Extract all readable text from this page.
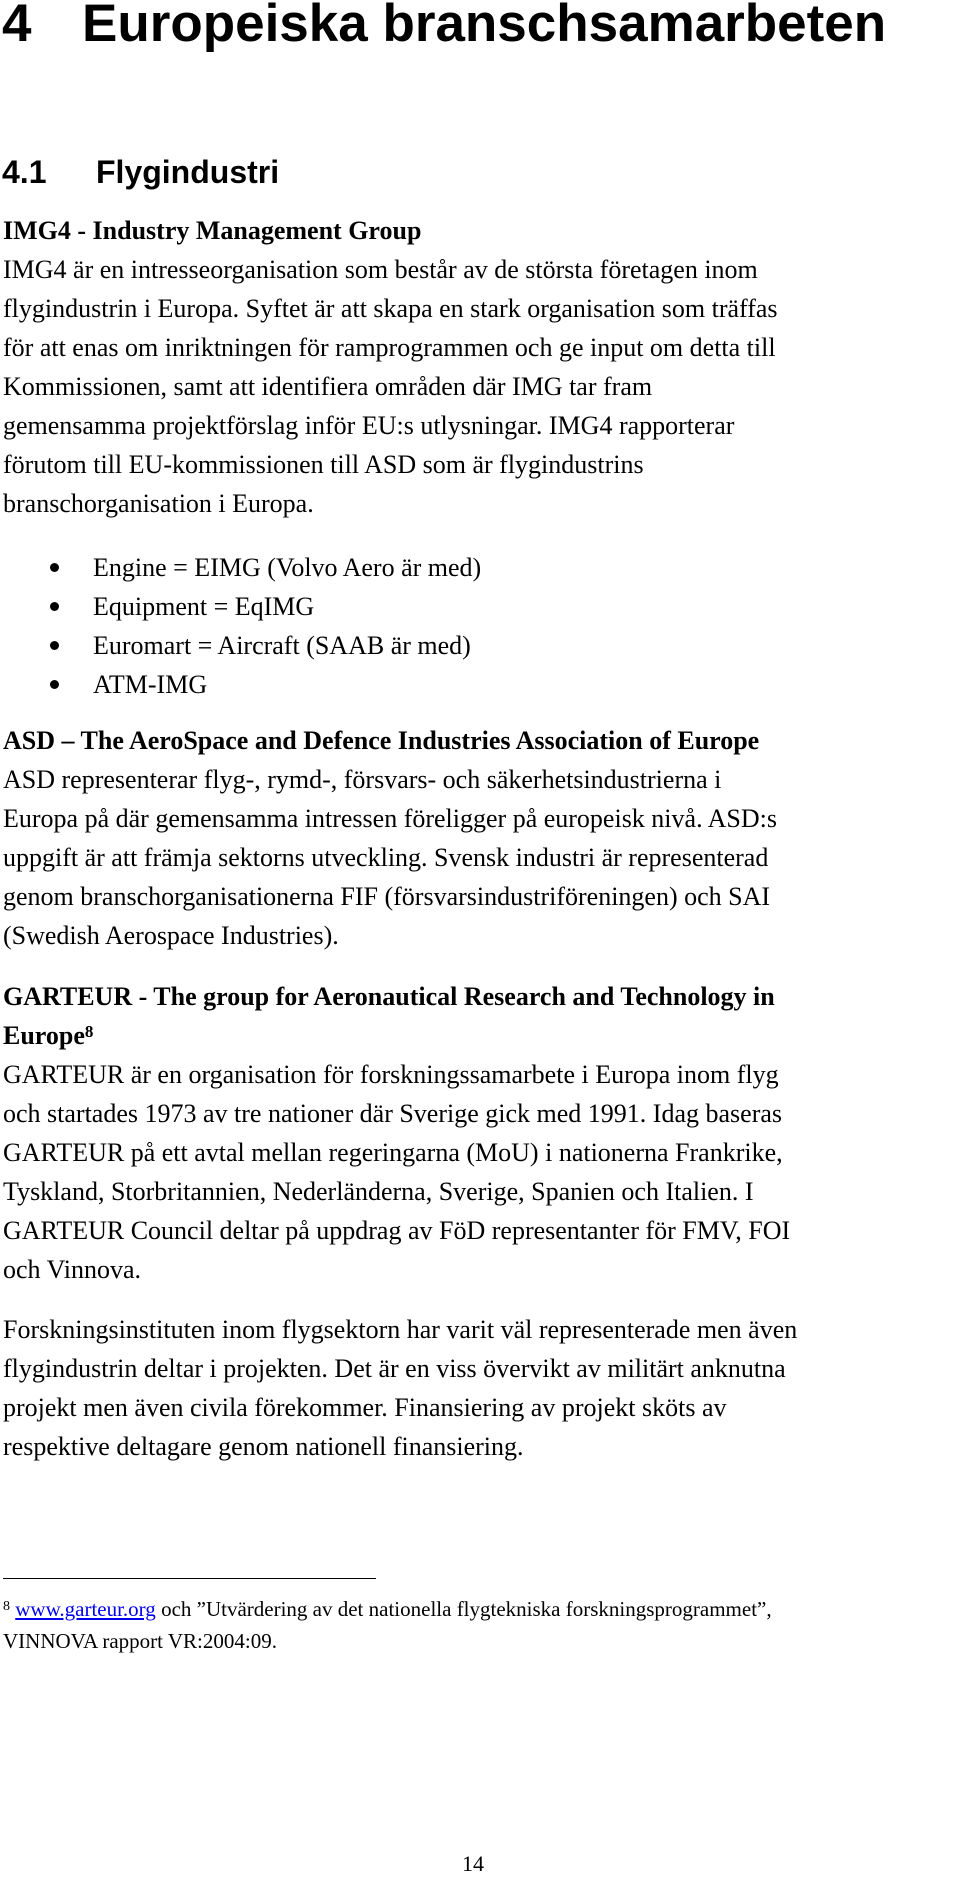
4 Europeiska branschsamarbeten
4.1 Flygindustri
IMG4 - Industry Management Group
IMG4 är en intresseorganisation som består av de största företagen inom
flygindustrin i Europa. Syftet är att skapa en stark organisation som träffas
för att enas om inriktningen för ramprogrammen och ge input om detta till
Kommissionen, samt att identifiera områden där IMG tar fram
gemensamma projektförslag inför EU:s utlysningar. IMG4 rapporterar
förutom till EU-kommissionen till ASD som är flygindustrins
branschorganisation i Europa.
Engine = EIMG (Volvo Aero är med)
Equipment = EqIMG
Euromart = Aircraft (SAAB är med)
ATM-IMG
ASD – The AeroSpace and Defence Industries Association of Europe
ASD representerar flyg-, rymd-, försvars- och säkerhetsindustrierna i
Europa på där gemensamma intressen föreligger på europeisk nivå. ASD:s
uppgift är att främja sektorns utveckling. Svensk industri är representerad
genom branschorganisationerna FIF (försvarsindustriföreningen) och SAI
(Swedish Aerospace Industries).
GARTEUR - The group for Aeronautical Research and Technology in
Europe$^8$
GARTEUR är en organisation för forskningssamarbete i Europa inom flyg
och startades 1973 av tre nationer där Sverige gick med 1991. Idag baseras
GARTEUR på ett avtal mellan regeringarna (MoU) i nationerna Frankrike,
Tyskland, Storbritannien, Nederländerna, Sverige, Spanien och Italien. I
GARTEUR Council deltar på uppdrag av FöD representanter för FMV, FOI
och Vinnova.
Forskningsinstituten inom flygsektorn har varit väl representerade men även
flygindustrin deltar i projekten. Det är en viss övervikt av militärt anknutna
projekt men även civila förekommer. Finansiering av projekt sköts av
respektive deltagare genom nationell finansiering.
$^8$ www.garteur.org och ”Utvärdering av det nationella flygtekniska forskningsprogrammet”,
VINNOVA rapport VR:2004:09.

14
